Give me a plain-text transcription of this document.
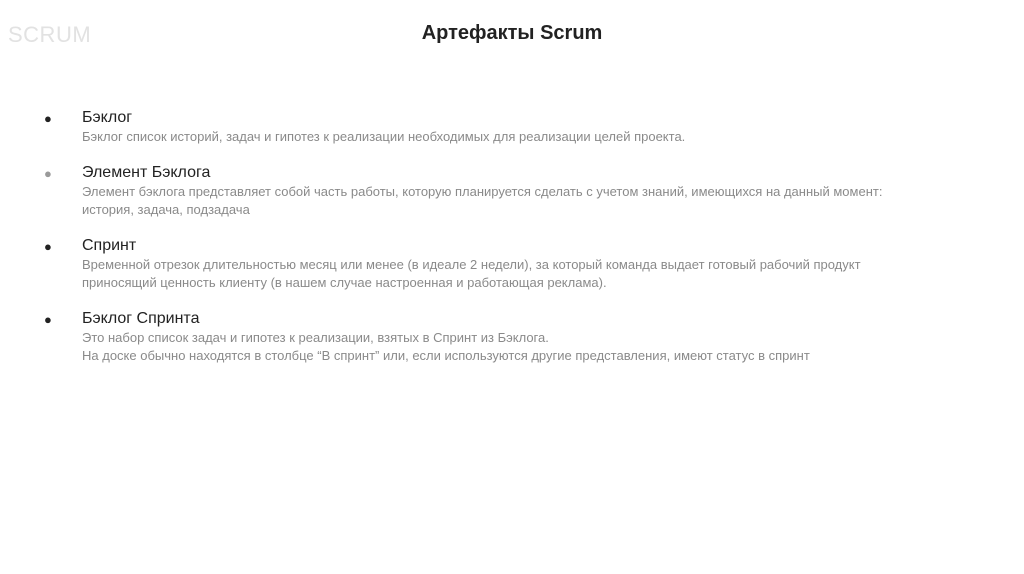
SCRUM	Артефакты Scrum
● Бэклог
Бэклог список историй, задач и гипотез к реализации необходимых для реализации целей проекта.
● Элемент Бэклога
Элемент бэклога представляет собой часть работы, которую планируется сделать с учетом знаний, имеющихся на данный момент:
история, задача, подзадача
● Спринт
Временной отрезок длительностью месяц или менее (в идеале 2 недели), за который команда выдает готовый рабочий продукт
приносящий ценность клиенту (в нашем случае настроенная и работающая реклама).
● Бэклог Спринта
Это набор список задач и гипотез к реализации, взятых в Спринт из Бэклога.
На доске обычно находятся в столбце “В спринт” или, если используются другие представления, имеют статус в спринт
